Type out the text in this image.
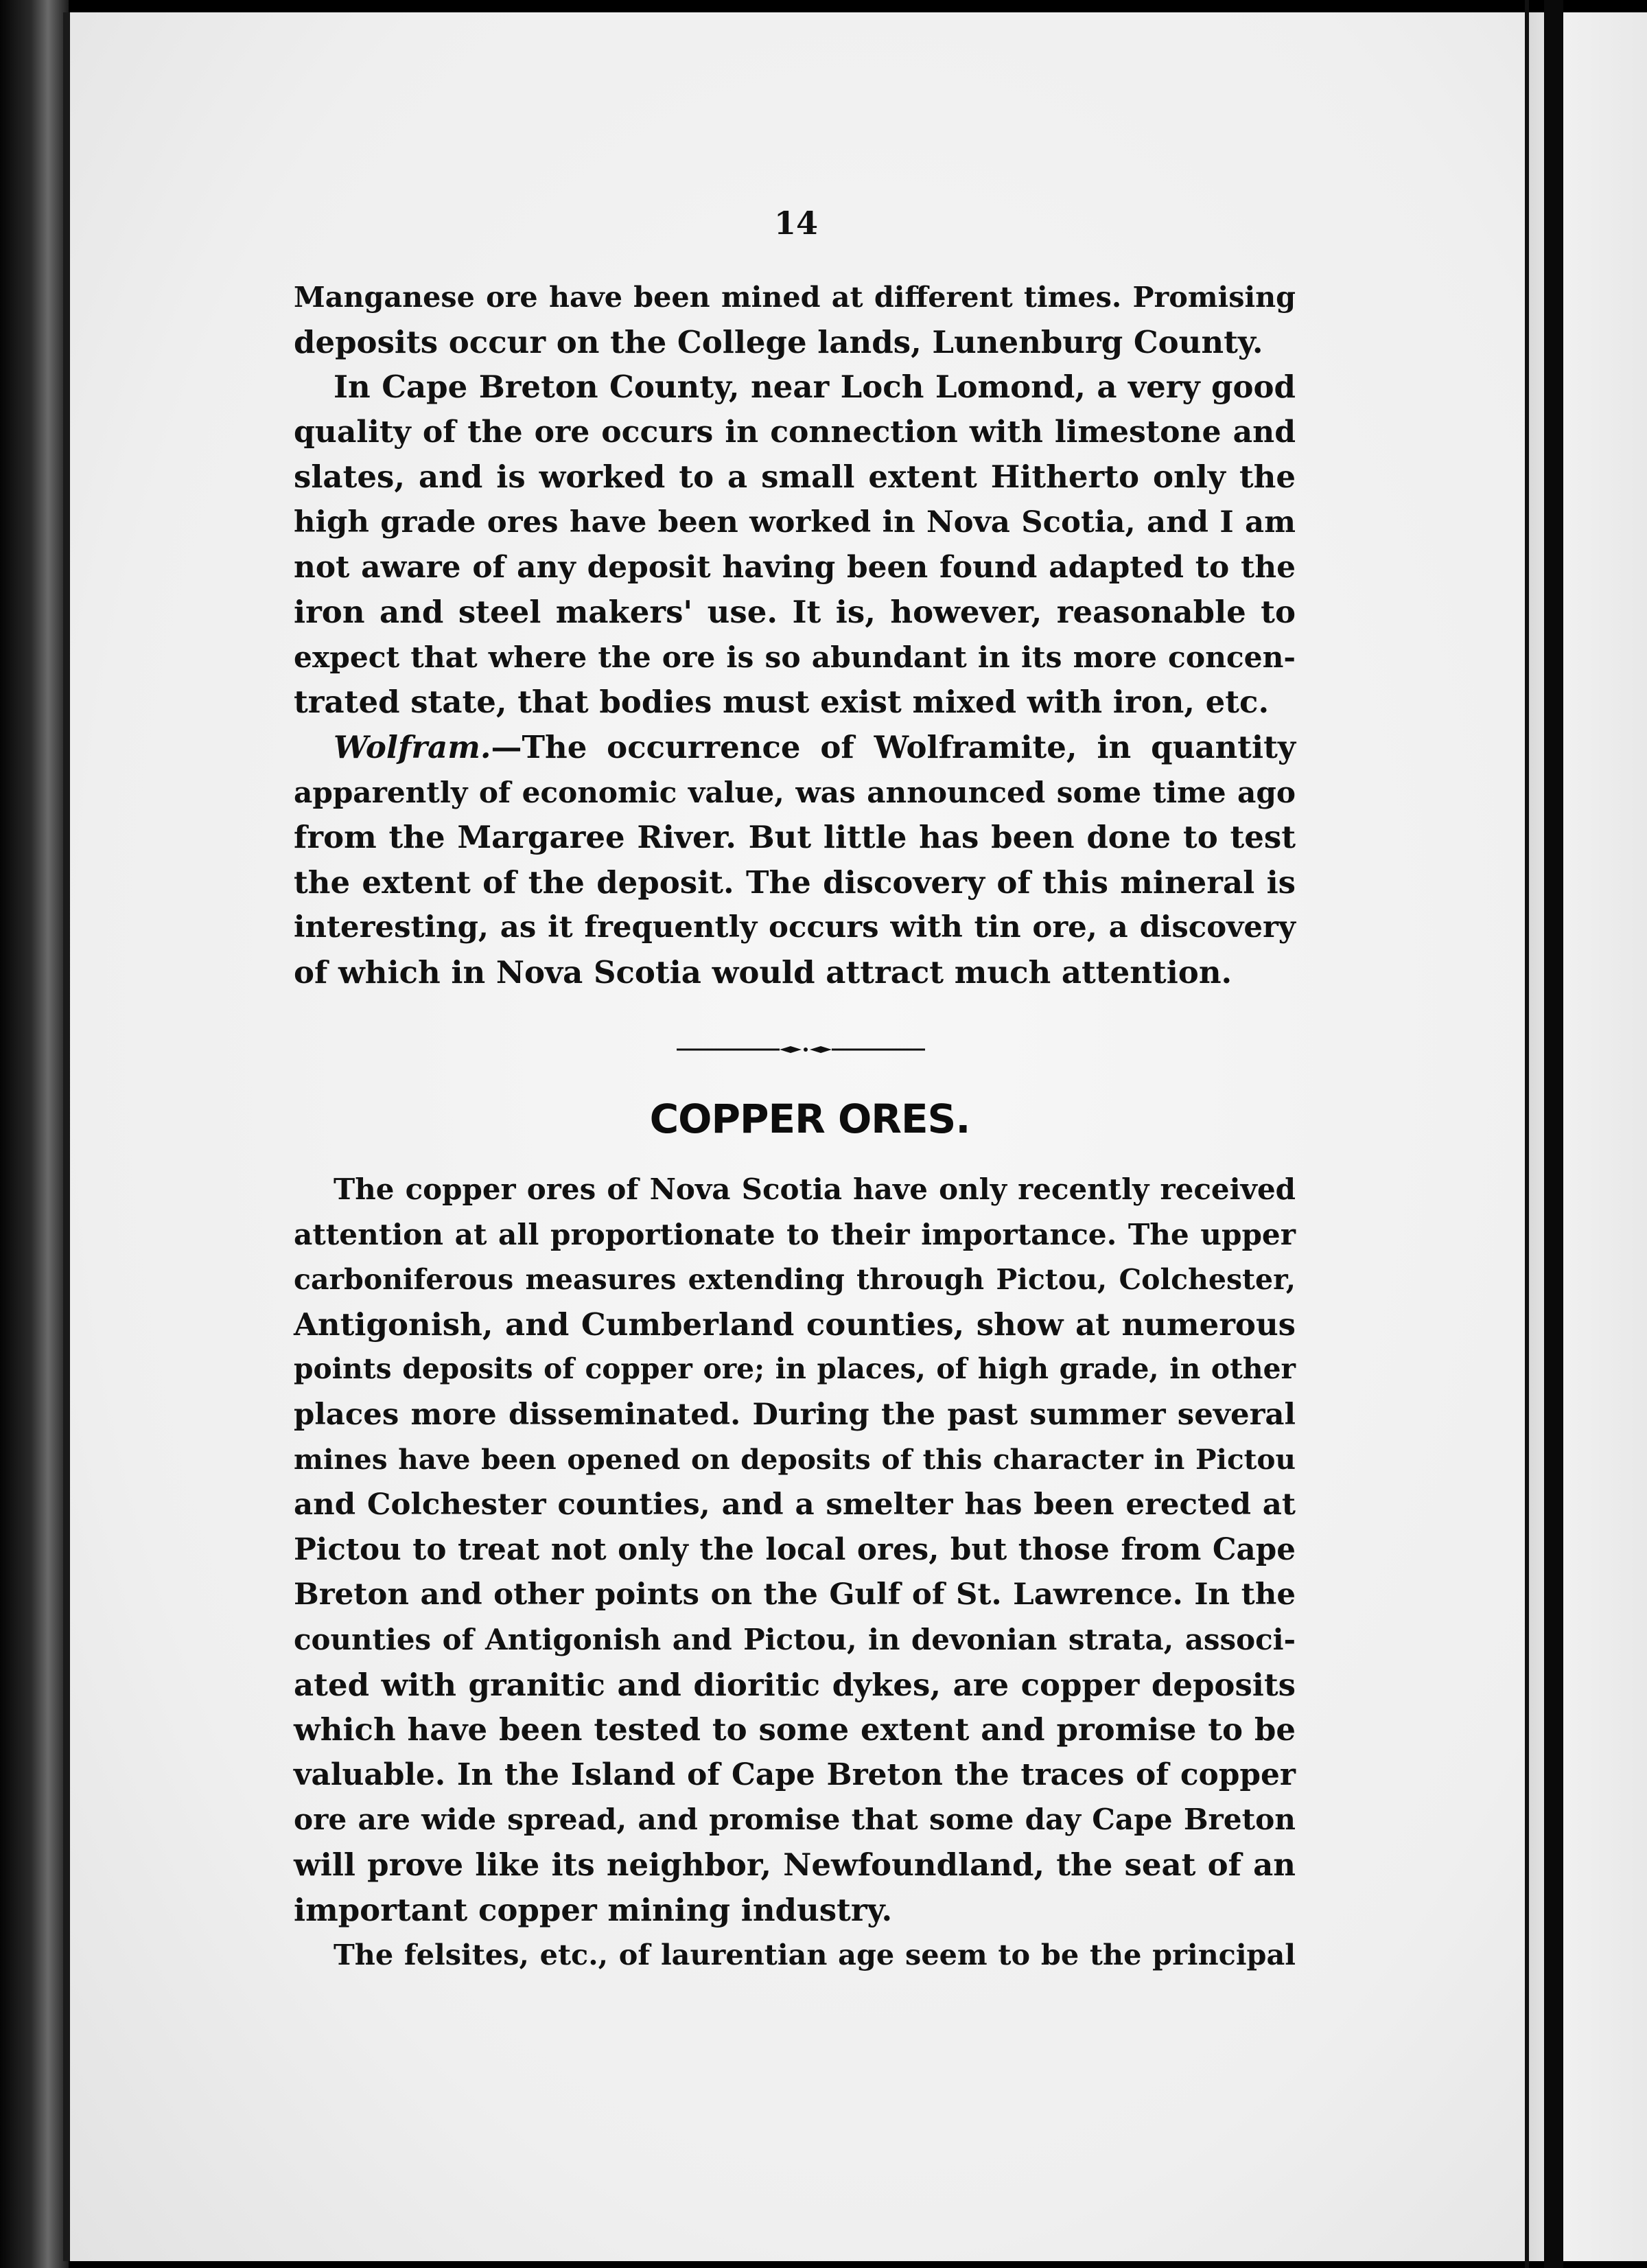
14
Manganese ore have been mined at different times. Promising
deposits occur on the College lands, Lunenburg County.
In Cape Breton County, near Loch Lomond, a very good
quality of the ore occurs in connection with limestone and
slates, and is worked to a small extent Hitherto only the
high grade ores have been worked in Nova Scotia, and I am
not aware of any deposit having been found adapted to the
iron and steel makers' use. It is, however, reasonable to
expect that where the ore is so abundant in its more concen-
trated state, that bodies must exist mixed with iron, etc.
Wolfram.—The occurrence of Wolframite, in quantity
apparently of economic value, was announced some time ago
from the Margaree River. But little has been done to test
the extent of the deposit. The discovery of this mineral is
interesting, as it frequently occurs with tin ore, a discovery
of which in Nova Scotia would attract much attention.
COPPER ORES.
The copper ores of Nova Scotia have only recently received
attention at all proportionate to their importance. The upper
carboniferous measures extending through Pictou, Colchester,
Antigonish, and Cumberland counties, show at numerous
points deposits of copper ore; in places, of high grade, in other
places more disseminated. During the past summer several
mines have been opened on deposits of this character in Pictou
and Colchester counties, and a smelter has been erected at
Pictou to treat not only the local ores, but those from Cape
Breton and other points on the Gulf of St. Lawrence. In the
counties of Antigonish and Pictou, in devonian strata, associ-
ated with granitic and dioritic dykes, are copper deposits
which have been tested to some extent and promise to be
valuable. In the Island of Cape Breton the traces of copper
ore are wide spread, and promise that some day Cape Breton
will prove like its neighbor, Newfoundland, the seat of an
important copper mining industry.
The felsites, etc., of laurentian age seem to be the principal
